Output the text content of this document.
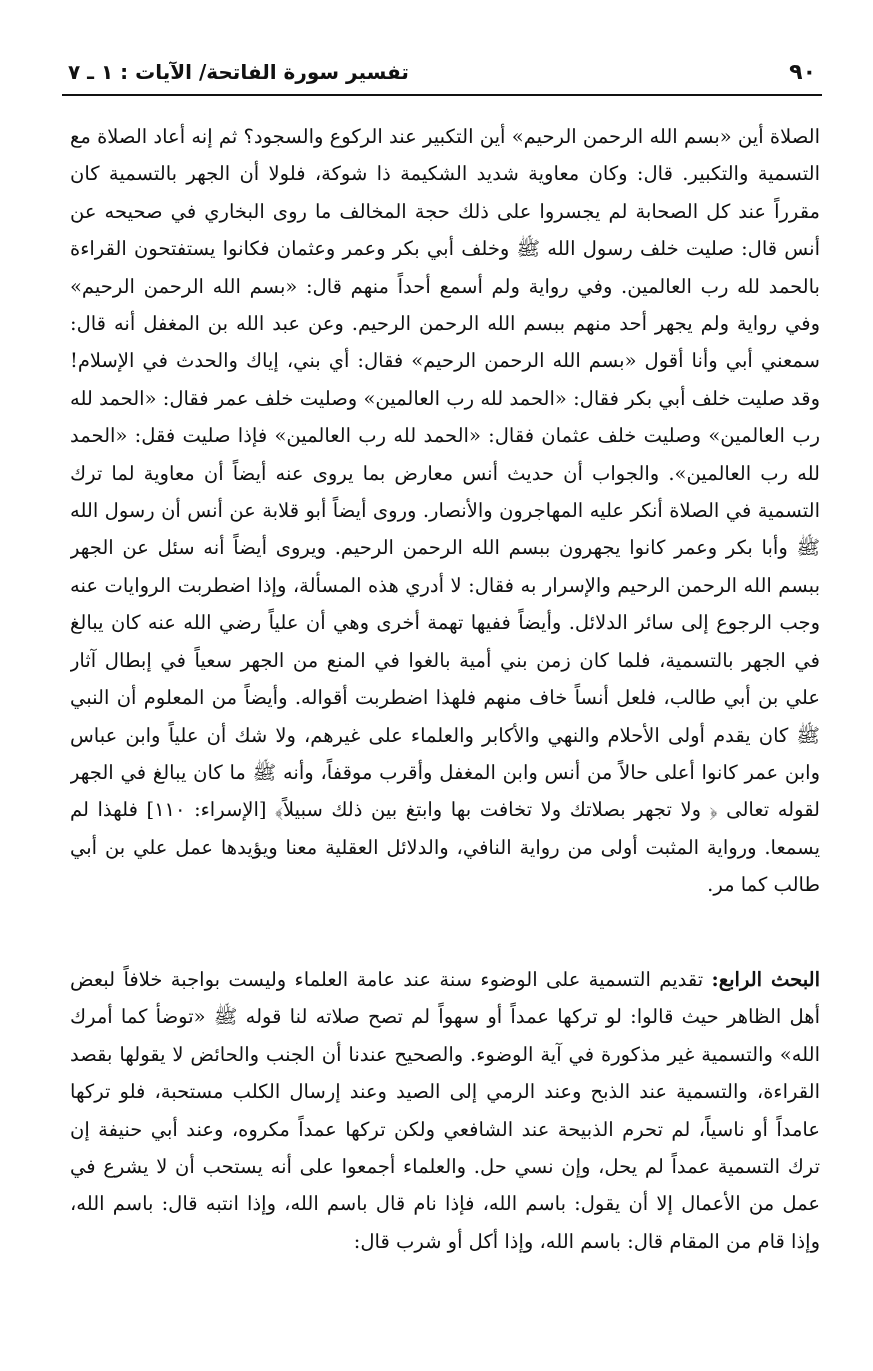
٩٠
تفسير سورة الفاتحة/ الآيات : ١ ـ ٧

الصلاة أين «بسم الله الرحمن الرحيم» أين التكبير عند الركوع والسجود؟ ثم إنه أعاد الصلاة مع التسمية والتكبير. قال: وكان معاوية شديد الشكيمة ذا شوكة، فلولا أن الجهر بالتسمية كان مقرراً عند كل الصحابة لم يجسروا على ذلك حجة المخالف ما روى البخاري في صحيحه عن أنس قال: صليت خلف رسول الله ﷺ وخلف أبي بكر وعمر وعثمان فكانوا يستفتحون القراءة بالحمد لله رب العالمين. وفي رواية ولم أسمع أحداً منهم قال: «بسم الله الرحمن الرحيم» وفي رواية ولم يجهر أحد منهم ببسم الله الرحمن الرحيم. وعن عبد الله بن المغفل أنه قال: سمعني أبي وأنا أقول «بسم الله الرحمن الرحيم» فقال: أي بني، إياك والحدث في الإسلام! وقد صليت خلف أبي بكر فقال: «الحمد لله رب العالمين» وصليت خلف عمر فقال: «الحمد لله رب العالمين» وصليت خلف عثمان فقال: «الحمد لله رب العالمين» فإذا صليت فقل: «الحمد لله رب العالمين». والجواب أن حديث أنس معارض بما يروى عنه أيضاً أن معاوية لما ترك التسمية في الصلاة أنكر عليه المهاجرون والأنصار. وروى أيضاً أبو قلابة عن أنس أن رسول الله ﷺ وأبا بكر وعمر كانوا يجهرون ببسم الله الرحمن الرحيم. ويروى أيضاً أنه سئل عن الجهر ببسم الله الرحمن الرحيم والإسرار به فقال: لا أدري هذه المسألة، وإذا اضطربت الروايات عنه وجب الرجوع إلى سائر الدلائل. وأيضاً ففيها تهمة أخرى وهي أن علياً رضي الله عنه كان يبالغ في الجهر بالتسمية، فلما كان زمن بني أمية بالغوا في المنع من الجهر سعياً في إبطال آثار علي بن أبي طالب، فلعل أنساً خاف منهم فلهذا اضطربت أقواله. وأيضاً من المعلوم أن النبي ﷺ كان يقدم أولى الأحلام والنهي والأكابر والعلماء على غيرهم، ولا شك أن علياً وابن عباس وابن عمر كانوا أعلى حالاً من أنس وابن المغفل وأقرب موقفاً، وأنه ﷺ ما كان يبالغ في الجهر لقوله تعالى ﴿ ولا تجهر بصلاتك ولا تخافت بها وابتغ بين ذلك سبيلاً﴾ [الإسراء: ١١٠] فلهذا لم يسمعا. ورواية المثبت أولى من رواية النافي، والدلائل العقلية معنا ويؤيدها عمل علي بن أبي طالب كما مر.

البحث الرابع: تقديم التسمية على الوضوء سنة عند عامة العلماء وليست بواجبة خلافاً لبعض أهل الظاهر حيث قالوا: لو تركها عمداً أو سهواً لم تصح صلاته لنا قوله ﷺ «توضأ كما أمرك الله» والتسمية غير مذكورة في آية الوضوء. والصحيح عندنا أن الجنب والحائض لا يقولها بقصد القراءة، والتسمية عند الذبح وعند الرمي إلى الصيد وعند إرسال الكلب مستحبة، فلو تركها عامداً أو ناسياً، لم تحرم الذبيحة عند الشافعي ولكن تركها عمداً مكروه، وعند أبي حنيفة إن ترك التسمية عمداً لم يحل، وإن نسي حل. والعلماء أجمعوا على أنه يستحب أن لا يشرع في عمل من الأعمال إلا أن يقول: باسم الله، فإذا نام قال باسم الله، وإذا انتبه قال: باسم الله، وإذا قام من المقام قال: باسم الله، وإذا أكل أو شرب قال:
